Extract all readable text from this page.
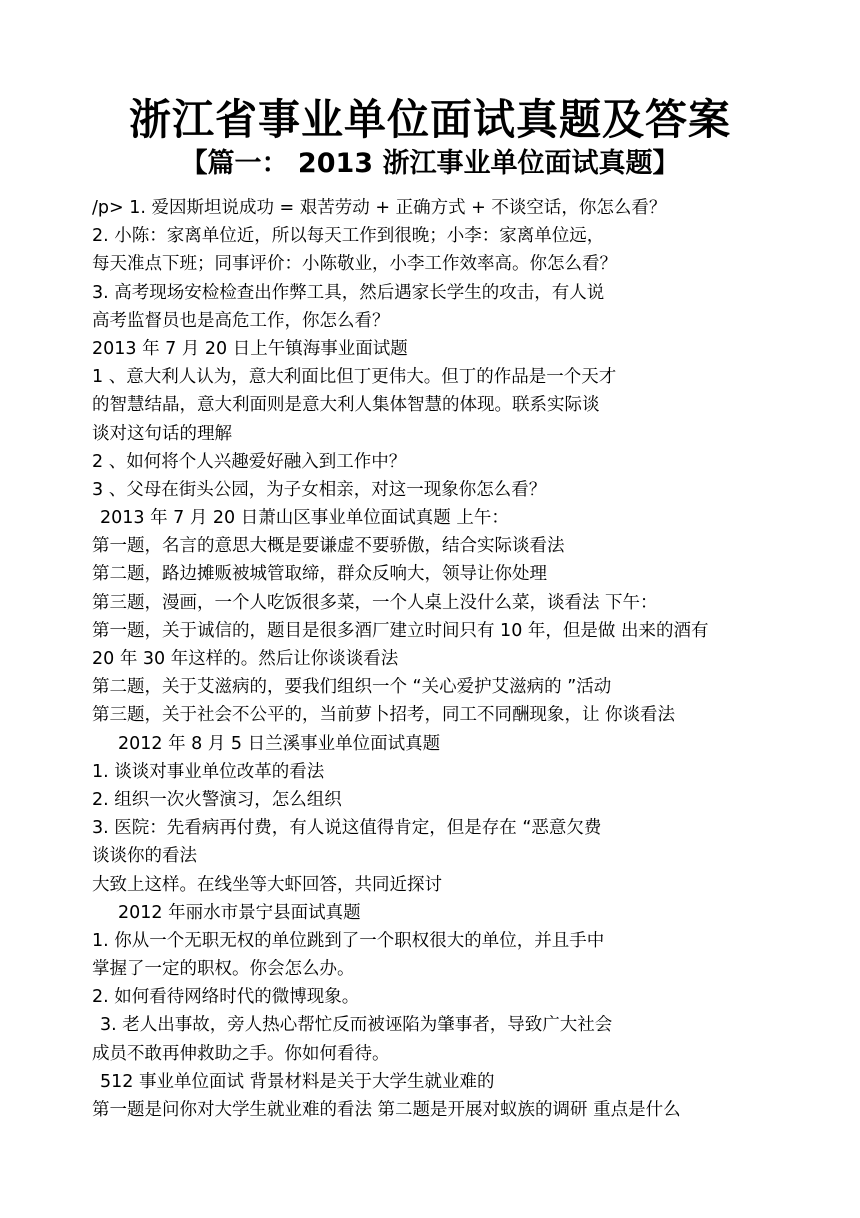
浙江省事业单位面试真题及答案
【篇一： 2013 浙江事业单位面试真题】
/p> 1. 爱因斯坦说成功 = 艰苦劳动 + 正确方式 + 不谈空话，你怎么看？
2. 小陈：家离单位近，所以每天工作到很晚；小李：家离单位远，
每天准点下班；同事评价：小陈敬业，小李工作效率高。你怎么看？
3. 高考现场安检检查出作弊工具，然后遇家长学生的攻击，有人说
高考监督员也是高危工作，你怎么看？
2013 年 7 月 20 日上午镇海事业面试题
1 、意大利人认为，意大利面比但丁更伟大。但丁的作品是一个天才
的智慧结晶，意大利面则是意大利人集体智慧的体现。联系实际谈
谈对这句话的理解
2 、如何将个人兴趣爱好融入到工作中？
3 、父母在街头公园，为子女相亲，对这一现象你怎么看？
2013 年 7 月 20 日萧山区事业单位面试真题 上午：
第一题，名言的意思大概是要谦虚不要骄傲，结合实际谈看法
第二题，路边摊贩被城管取缔，群众反响大，领导让你处理
第三题，漫画，一个人吃饭很多菜，一个人桌上没什么菜，谈看法 下午：
第一题，关于诚信的，题目是很多酒厂建立时间只有 10 年，但是做 出来的酒有
20 年 30 年这样的。然后让你谈谈看法
第二题，关于艾滋病的，要我们组织一个 “关心爱护艾滋病的 ”活动
第三题，关于社会不公平的，当前萝卜招考，同工不同酬现象，让 你谈看法
2012 年 8 月 5 日兰溪事业单位面试真题
1. 谈谈对事业单位改革的看法
2. 组织一次火警演习，怎么组织
3. 医院：先看病再付费，有人说这值得肯定，但是存在 “恶意欠费
谈谈你的看法
大致上这样。在线坐等大虾回答，共同近探讨
2012 年丽水市景宁县面试真题
1. 你从一个无职无权的单位跳到了一个职权很大的单位，并且手中
掌握了一定的职权。你会怎么办。
2. 如何看待网络时代的微博现象。
3. 老人出事故，旁人热心帮忙反而被诬陷为肇事者，导致广大社会
成员不敢再伸救助之手。你如何看待。
512 事业单位面试 背景材料是关于大学生就业难的
第一题是问你对大学生就业难的看法 第二题是开展对蚁族的调研 重点是什么
